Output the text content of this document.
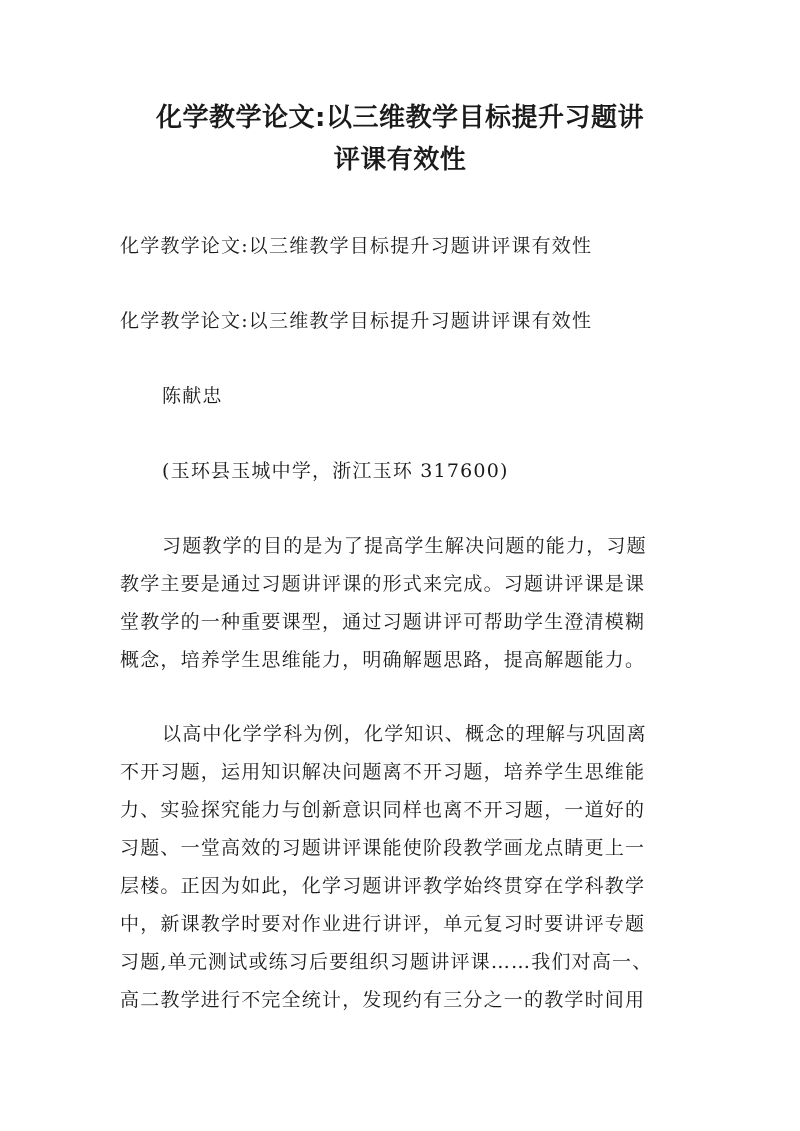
化学教学论文:以三维教学目标提升习题讲
评课有效性
化学教学论文:以三维教学目标提升习题讲评课有效性
化学教学论文:以三维教学目标提升习题讲评课有效性
陈献忠
(玉环县玉城中学，浙江玉环 317600)
习题教学的目的是为了提高学生解决问题的能力，习题
教学主要是通过习题讲评课的形式来完成。习题讲评课是课
堂教学的一种重要课型，通过习题讲评可帮助学生澄清模糊
概念，培养学生思维能力，明确解题思路，提高解题能力。
以高中化学学科为例，化学知识、概念的理解与巩固离
不开习题，运用知识解决问题离不开习题，培养学生思维能
力、实验探究能力与创新意识同样也离不开习题，一道好的
习题、一堂高效的习题讲评课能使阶段教学画龙点睛更上一
层楼。正因为如此，化学习题讲评教学始终贯穿在学科教学
中，新课教学时要对作业进行讲评，单元复习时要讲评专题
习题,单元测试或练习后要组织习题讲评课……我们对高一、
高二教学进行不完全统计，发现约有三分之一的教学时间用
